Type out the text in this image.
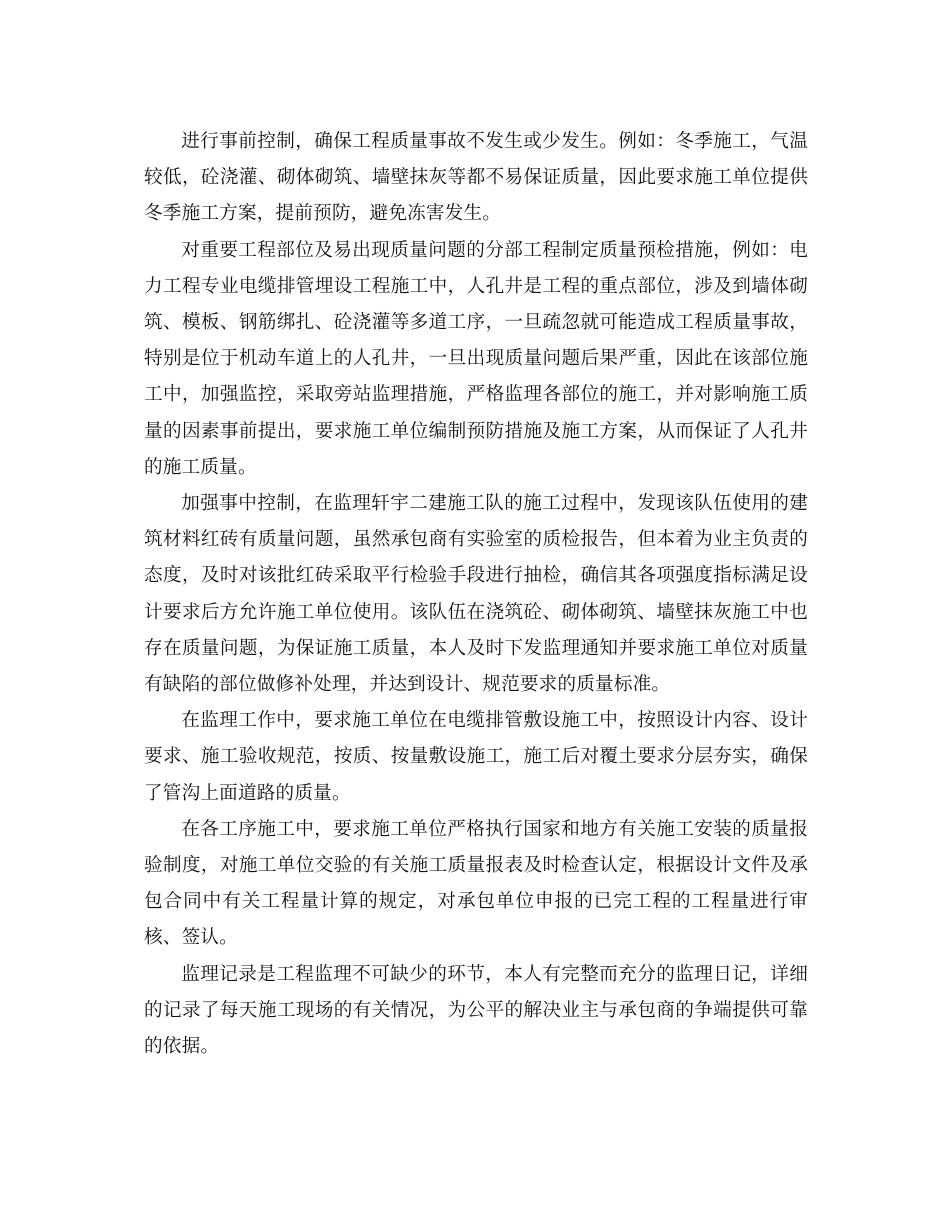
进行事前控制，确保工程质量事故不发生或少发生。例如：冬季施工，气温较低，砼浇灌、砌体砌筑、墙壁抹灰等都不易保证质量，因此要求施工单位提供冬季施工方案，提前预防，避免冻害发生。

对重要工程部位及易出现质量问题的分部工程制定质量预检措施，例如：电力工程专业电缆排管埋设工程施工中，人孔井是工程的重点部位，涉及到墙体砌筑、模板、钢筋绑扎、砼浇灌等多道工序，一旦疏忽就可能造成工程质量事故，特别是位于机动车道上的人孔井，一旦出现质量问题后果严重，因此在该部位施工中，加强监控，采取旁站监理措施，严格监理各部位的施工，并对影响施工质量的因素事前提出，要求施工单位编制预防措施及施工方案，从而保证了人孔井的施工质量。

加强事中控制，在监理轩宇二建施工队的施工过程中，发现该队伍使用的建筑材料红砖有质量问题，虽然承包商有实验室的质检报告，但本着为业主负责的态度，及时对该批红砖采取平行检验手段进行抽检，确信其各项强度指标满足设计要求后方允许施工单位使用。该队伍在浇筑砼、砌体砌筑、墙壁抹灰施工中也存在质量问题，为保证施工质量，本人及时下发监理通知并要求施工单位对质量有缺陷的部位做修补处理，并达到设计、规范要求的质量标准。

在监理工作中，要求施工单位在电缆排管敷设施工中，按照设计内容、设计要求、施工验收规范，按质、按量敷设施工，施工后对覆土要求分层夯实，确保了管沟上面道路的质量。

在各工序施工中，要求施工单位严格执行国家和地方有关施工安装的质量报验制度，对施工单位交验的有关施工质量报表及时检查认定，根据设计文件及承包合同中有关工程量计算的规定，对承包单位申报的已完工程的工程量进行审核、签认。

监理记录是工程监理不可缺少的环节，本人有完整而充分的监理日记，详细的记录了每天施工现场的有关情况，为公平的解决业主与承包商的争端提供可靠的依据。
